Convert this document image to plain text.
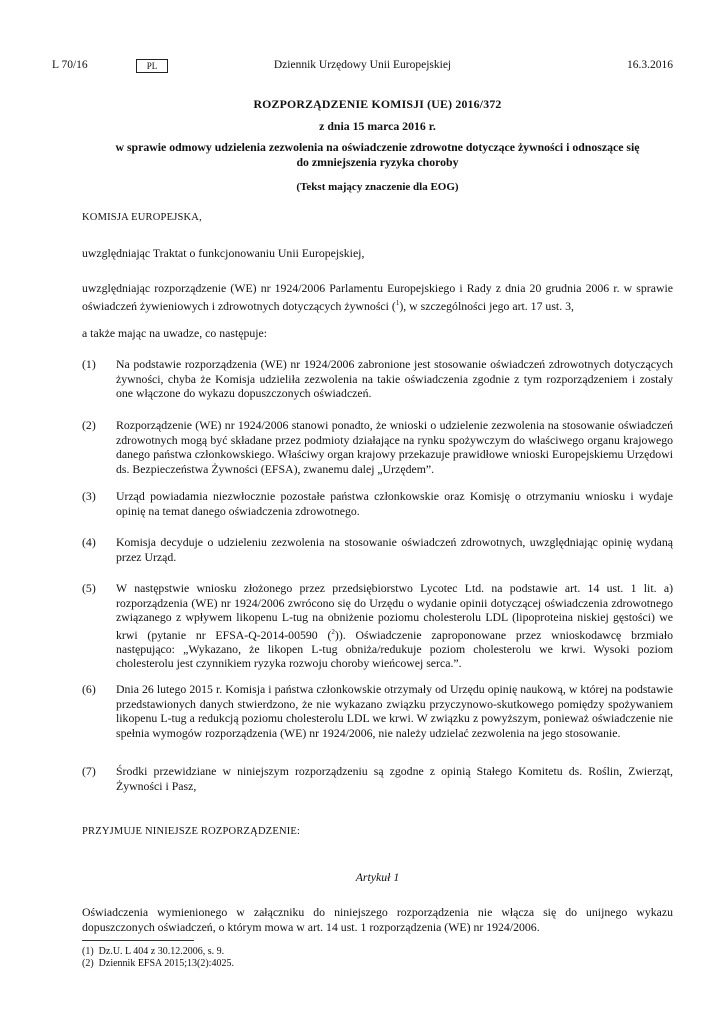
L 70/16	PL	Dziennik Urzędowy Unii Europejskiej	16.3.2016
ROZPORZĄDZENIE KOMISJI (UE) 2016/372
z dnia 15 marca 2016 r.
w sprawie odmowy udzielenia zezwolenia na oświadczenie zdrowotne dotyczące żywności i odnoszące się do zmniejszenia ryzyka choroby
(Tekst mający znaczenie dla EOG)
KOMISJA EUROPEJSKA,
uwzględniając Traktat o funkcjonowaniu Unii Europejskiej,
uwzględniając rozporządzenie (WE) nr 1924/2006 Parlamentu Europejskiego i Rady z dnia 20 grudnia 2006 r. w sprawie oświadczeń żywieniowych i zdrowotnych dotyczących żywności ($^1$), w szczególności jego art. 17 ust. 3,
a także mając na uwadze, co następuje:
(1)	Na podstawie rozporządzenia (WE) nr 1924/2006 zabronione jest stosowanie oświadczeń zdrowotnych dotyczących żywności, chyba że Komisja udzieliła zezwolenia na takie oświadczenia zgodnie z tym rozporządzeniem i zostały one włączone do wykazu dopuszczonych oświadczeń.
(2)	Rozporządzenie (WE) nr 1924/2006 stanowi ponadto, że wnioski o udzielenie zezwolenia na stosowanie oświadczeń zdrowotnych mogą być składane przez podmioty działające na rynku spożywczym do właściwego organu krajowego danego państwa członkowskiego. Właściwy organ krajowy przekazuje prawidłowe wnioski Europejskiemu Urzędowi ds. Bezpieczeństwa Żywności (EFSA), zwanemu dalej „Urzędem”.
(3)	Urząd powiadamia niezwłocznie pozostałe państwa członkowskie oraz Komisję o otrzymaniu wniosku i wydaje opinię na temat danego oświadczenia zdrowotnego.
(4)	Komisja decyduje o udzieleniu zezwolenia na stosowanie oświadczeń zdrowotnych, uwzględniając opinię wydaną przez Urząd.
(5)	W następstwie wniosku złożonego przez przedsiębiorstwo Lycotec Ltd. na podstawie art. 14 ust. 1 lit. a) rozporządzenia (WE) nr 1924/2006 zwrócono się do Urzędu o wydanie opinii dotyczącej oświadczenia zdrowotnego związanego z wpływem likopenu L-tug na obniżenie poziomu cholesterolu LDL (lipoproteina niskiej gęstości) we krwi (pytanie nr EFSA-Q-2014-00590 ($^2$)). Oświadczenie zaproponowane przez wnioskodawcę brzmiało następująco: „Wykazano, że likopen L-tug obniża/redukuje poziom cholesterolu we krwi. Wysoki poziom cholesterolu jest czynnikiem ryzyka rozwoju choroby wieńcowej serca.”.
(6)	Dnia 26 lutego 2015 r. Komisja i państwa członkowskie otrzymały od Urzędu opinię naukową, w której na podstawie przedstawionych danych stwierdzono, że nie wykazano związku przyczynowo-skutkowego pomiędzy spożywaniem likopenu L-tug a redukcją poziomu cholesterolu LDL we krwi. W związku z powyższym, ponieważ oświadczenie nie spełnia wymogów rozporządzenia (WE) nr 1924/2006, nie należy udzielać zezwolenia na jego stosowanie.
(7)	Środki przewidziane w niniejszym rozporządzeniu są zgodne z opinią Stałego Komitetu ds. Roślin, Zwierząt, Żywności i Pasz,
PRZYJMUJE NINIEJSZE ROZPORZĄDZENIE:
Artykuł 1
Oświadczenia wymienionego w załączniku do niniejszego rozporządzenia nie włącza się do unijnego wykazu dopuszczonych oświadczeń, o którym mowa w art. 14 ust. 1 rozporządzenia (WE) nr 1924/2006.
(1) Dz.U. L 404 z 30.12.2006, s. 9.
(2) Dziennik EFSA 2015;13(2):4025.
